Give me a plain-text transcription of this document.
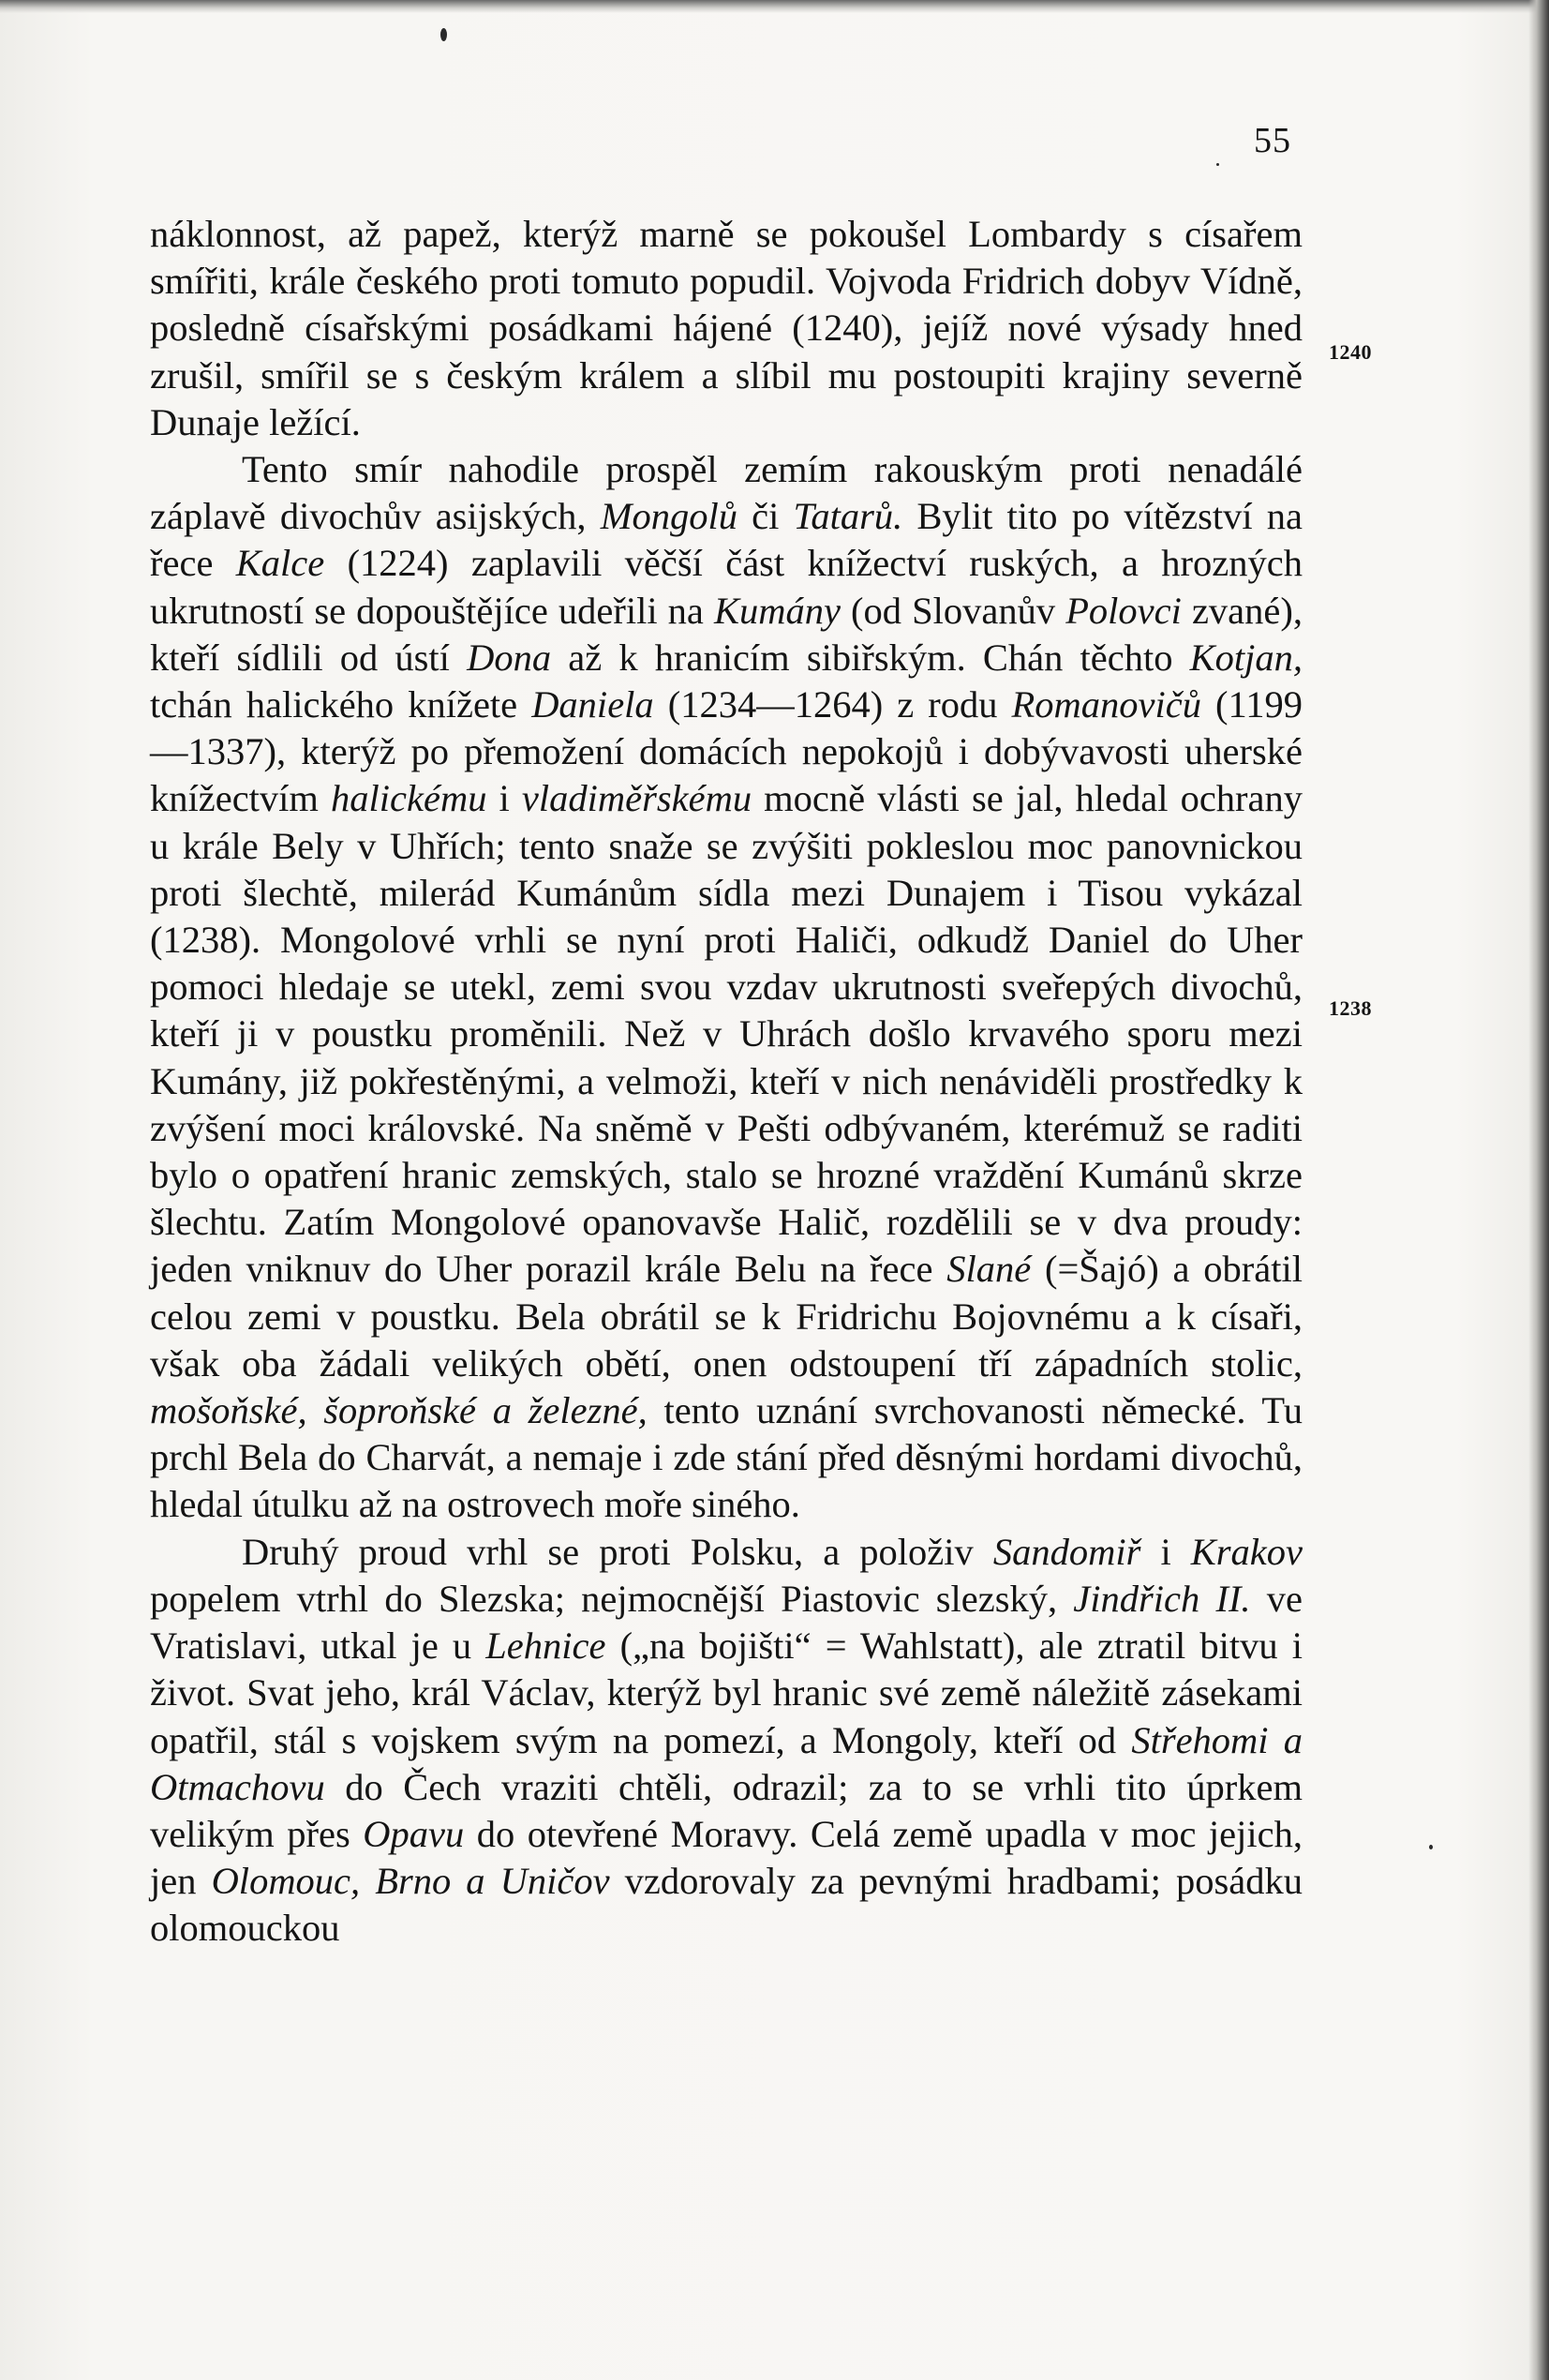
55

náklonnost, až papež, kterýž marně se pokoušel Lombardy s císařem smířiti, krále českého proti tomuto popudil. Vojvoda Fridrich dobyv Vídně, posledně císařskými posádkami hájené (1240), jejíž nové výsady hned zrušil, smířil se s českým králem a slíbil mu postoupiti krajiny severně Dunaje ležící.

Tento smír nahodile prospěl zemím rakouským proti nenadálé záplavě divochův asijských, Mongolů či Tatarů. Bylit tito po vítězství na řece Kalce (1224) zaplavili věčší část knížectví ruských, a hrozných ukrutností se dopouštějíce udeřili na Kumány (od Slovanův Polovci zvané), kteří sídlili od ústí Dona až k hranicím sibiřským. Chán těchto Kotjan, tchán halického knížete Daniela (1234—1264) z rodu Romanovičů (1199—1337), kterýž po přemožení domácích nepokojů i dobývavosti uherské knížectvím halickému i vladiměřskému mocně vlásti se jal, hledal ochrany u krále Bely v Uhřích; tento snaže se zvýšiti pokleslou moc panovnickou proti šlechtě, milerád Kumánům sídla mezi Dunajem i Tisou vykázal (1238). Mongolové vrhli se nyní proti Haliči, odkudž Daniel do Uher pomoci hledaje se utekl, zemi svou vzdav ukrutnosti sveřepých divochů, kteří ji v poustku proměnili. Než v Uhrách došlo krvavého sporu mezi Kumány, již pokřestěnými, a velmoži, kteří v nich nenáviděli prostředky k zvýšení moci královské. Na sněmě v Pešti odbývaném, kterémuž se raditi bylo o opatření hranic zemských, stalo se hrozné vraždění Kumánů skrze šlechtu. Zatím Mongolové opanovavše Halič, rozdělili se v dva proudy: jeden vniknuv do Uher porazil krále Belu na řece Slané (=Šajó) a obrátil celou zemi v poustku. Bela obrátil se k Fridrichu Bojovnému a k císaři, však oba žádali velikých obětí, onen odstoupení tří západních stolic, mošoňské, šoproňské a železné, tento uznání svrchovanosti německé. Tu prchl Bela do Charvát, a nemaje i zde stání před děsnými hordami divochů, hledal útulku až na ostrovech moře siného.

Druhý proud vrhl se proti Polsku, a položiv Sandomiř i Krakov popelem vtrhl do Slezska; nejmocnější Piastovic slezský, Jindřich II. ve Vratislavi, utkal je u Lehnice („na bojišti“ = Wahlstatt), ale ztratil bitvu i život. Svat jeho, král Václav, kterýž byl hranic své země náležitě zásekami opatřil, stál s vojskem svým na pomezí, a Mongoly, kteří od Střehomi a Otmachovu do Čech vraziti chtěli, odrazil; za to se vrhli tito úprkem velikým přes Opavu do otevřené Moravy. Celá země upadla v moc jejich, jen Olomouc, Brno a Uničov vzdorovaly za pevnými hradbami; posádku olomouckou

1240
1238
